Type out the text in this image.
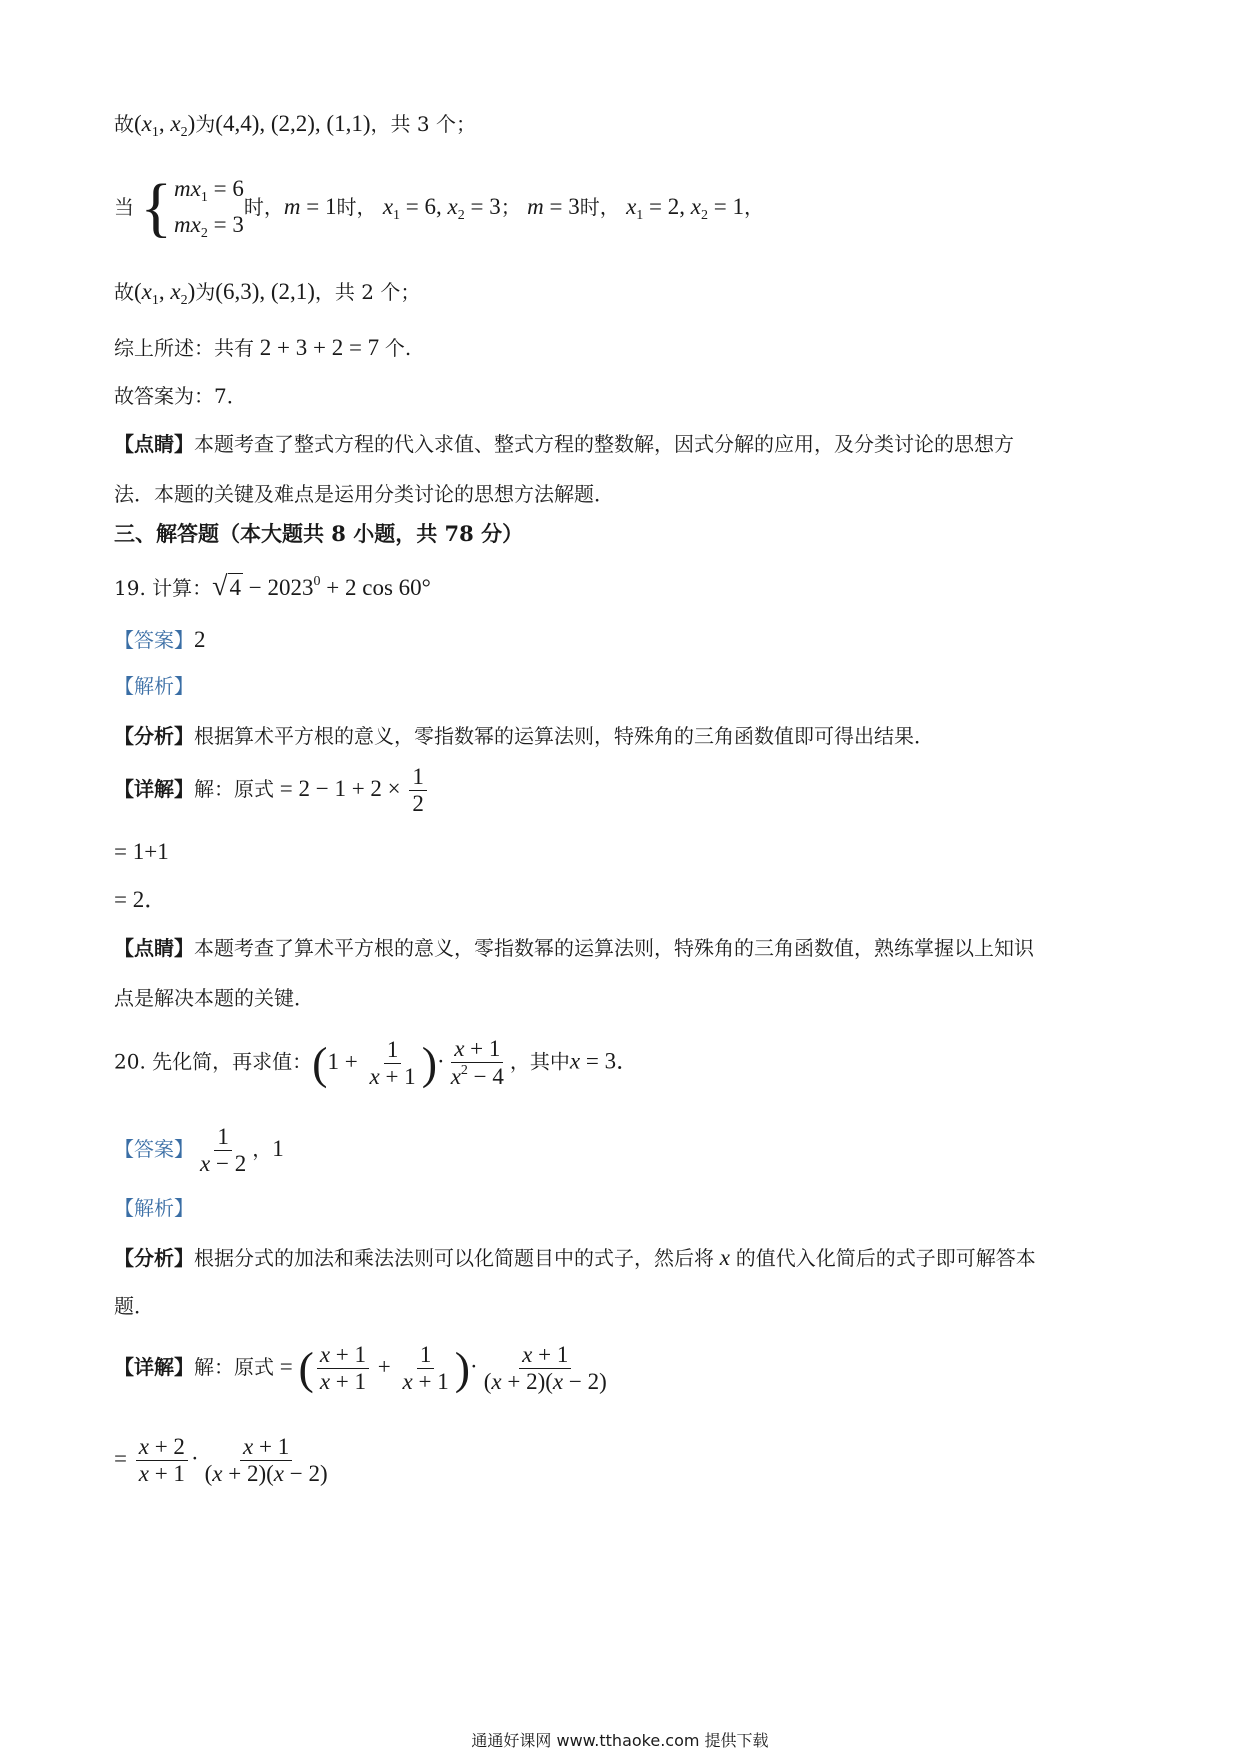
故($x_1$, $x_2$)为(4,4), (2,2), (1,1)，共 3 个；
当 { $mx_1 = 6$
$mx_2 = 3$
时，m = 1时， $x_1 = 6$, $x_2 = 3$； m = 3时， $x_1 = 2$, $x_2 = 1$，
故($x_1$, $x_2$)为(6,3), (2,1)，共 2 个；
综上所述：共有 2 + 3 + 2 = 7 个.
故答案为：7．
【点睛】本题考查了整式方程的代入求值、整式方程的整数解，因式分解的应用，及分类讨论的思想方
法．本题的关键及难点是运用分类讨论的思想方法解题．
三、解答题（本大题共 8 小题，共 78 分）
19. 计算：$√4 - 2023^0 + 2$ cos 60°
【答案】2
【解析】
【分析】根据算术平方根的意义，零指数幂的运算法则，特殊角的三角函数值即可得出结果．
【详解】解：原式 = $2 - 1 + 2 \times \frac{1}{2}$
= 1+1
= 2．
【点睛】本题考查了算术平方根的意义，零指数幂的运算法则，特殊角的三角函数值，熟练掌握以上知识
点是解决本题的关键．
20. 先化简，再求值：($1 + \frac{1}{x + 1}$ )· $\frac{x + 1}{x^2 - 4}$ ，其中x = 3．
【答案】 $\frac{1}{x - 2}$ ，1
【解析】
【分析】根据分式的加法和乘法法则可以化简题目中的式子，然后将 x 的值代入化简后的式子即可解答本
题．
【详解】解：原式 = ( $\frac{x + 1}{x + 1} + \frac{1}{x + 1}$ )· $\frac{x + 1}{(x + 2)(x - 2)}$
= $\frac{x + 2}{x + 1} \cdot \frac{x + 1}{(x + 2)(x - 2)}$
通通好课网 www.tthaoke.com 提供下载
